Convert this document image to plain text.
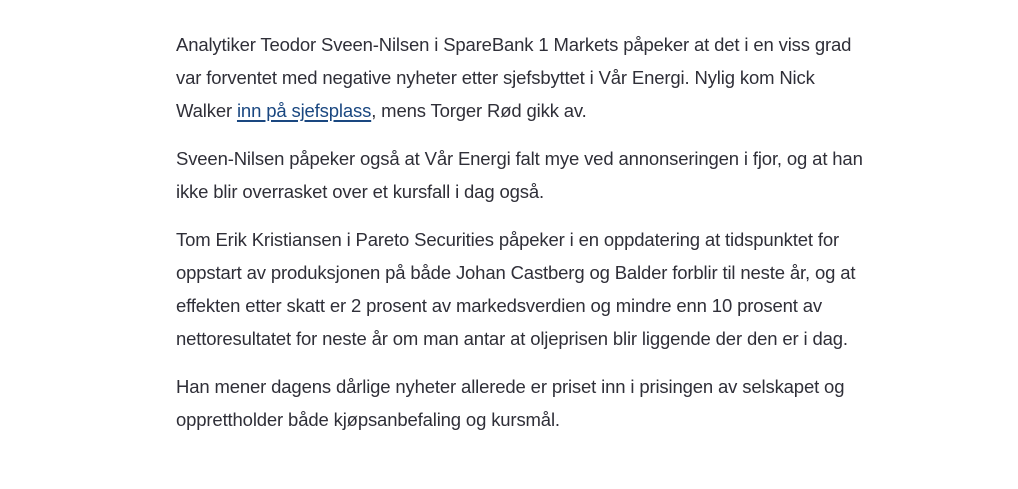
Analytiker Teodor Sveen-Nilsen i SpareBank 1 Markets påpeker at det i en viss grad var forventet med negative nyheter etter sjefsbyttet i Vår Energi. Nylig kom Nick Walker inn på sjefsplass, mens Torger Rød gikk av.

Sveen-Nilsen påpeker også at Vår Energi falt mye ved annonseringen i fjor, og at han ikke blir overrasket over et kursfall i dag også.

Tom Erik Kristiansen i Pareto Securities påpeker i en oppdatering at tidspunktet for oppstart av produksjonen på både Johan Castberg og Balder forblir til neste år, og at effekten etter skatt er 2 prosent av markedsverdien og mindre enn 10 prosent av nettoresultatet for neste år om man antar at oljeprisen blir liggende der den er i dag.

Han mener dagens dårlige nyheter allerede er priset inn i prisingen av selskapet og opprettholder både kjøpsanbefaling og kursmål.
